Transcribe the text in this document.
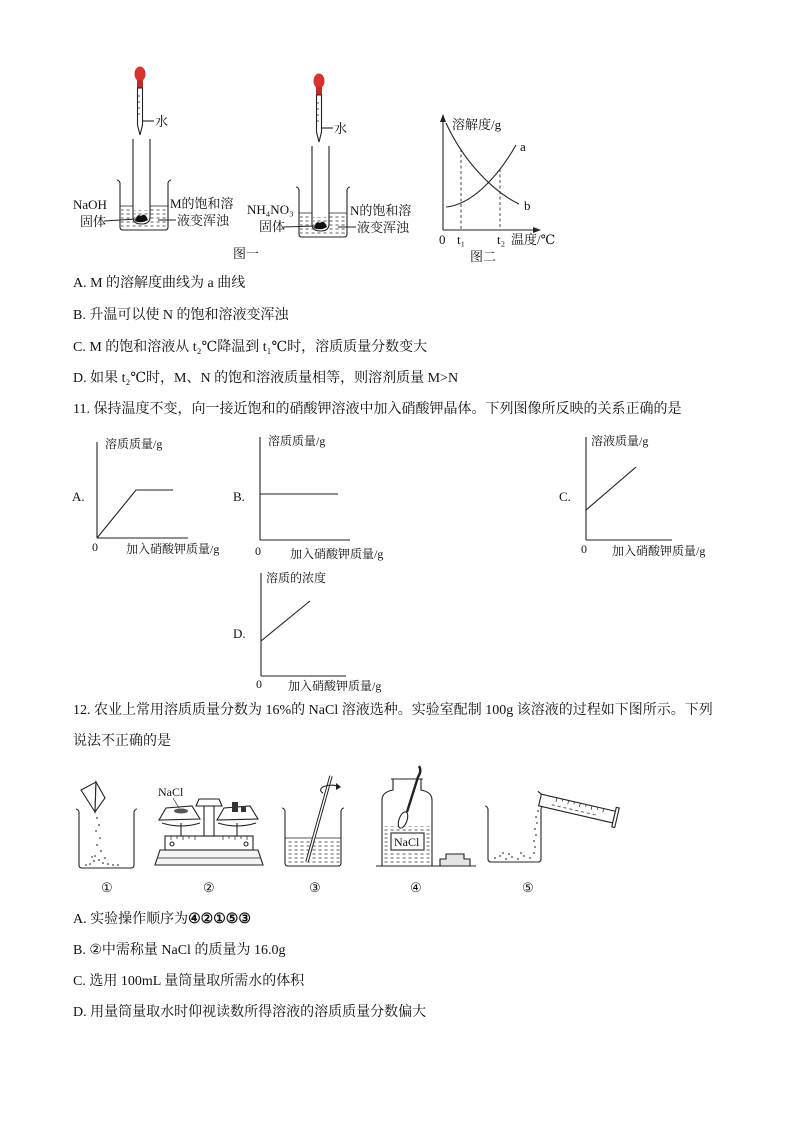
水
NaOH
固体
M的饱和溶
液变浑浊
水
NH₄NO₃
固体
N的饱和溶
液变浑浊
图一
溶解度/g
a
b
0 t₁ t₂ 温度/℃
图二
A.
溶质质量/g
0 加入硝酸钾质量/g
B.
溶质质量/g
0 加入硝酸钾质量/g
C.
溶液质量/g
0 加入硝酸钾质量/g
D.
溶质的浓度
0 加入硝酸钾质量/g
①
NaCl
②	③
NaCl
④	⑤
A. M 的溶解度曲线为 a 曲线
B. 升温可以使 N 的饱和溶液变浑浊
C. M 的饱和溶液从 t₂℃降温到 t₁℃时，溶质质量分数变大
D. 如果 t₂℃时，M、N 的饱和溶液质量相等，则溶剂质量 M>N
11. 保持温度不变，向一接近饱和的硝酸钾溶液中加入硝酸钾晶体。下列图像所反映的关系正确的是
12. 农业上常用溶质质量分数为 16%的 NaCl 溶液选种。实验室配制 100g 该溶液的过程如下图所示。下列
说法不正确的是
A. 实验操作顺序为④②①⑤③
B. ②中需称量 NaCl 的质量为 16.0g
C. 选用 100mL 量筒量取所需水的体积
D. 用量筒量取水时仰视读数所得溶液的溶质质量分数偏大
